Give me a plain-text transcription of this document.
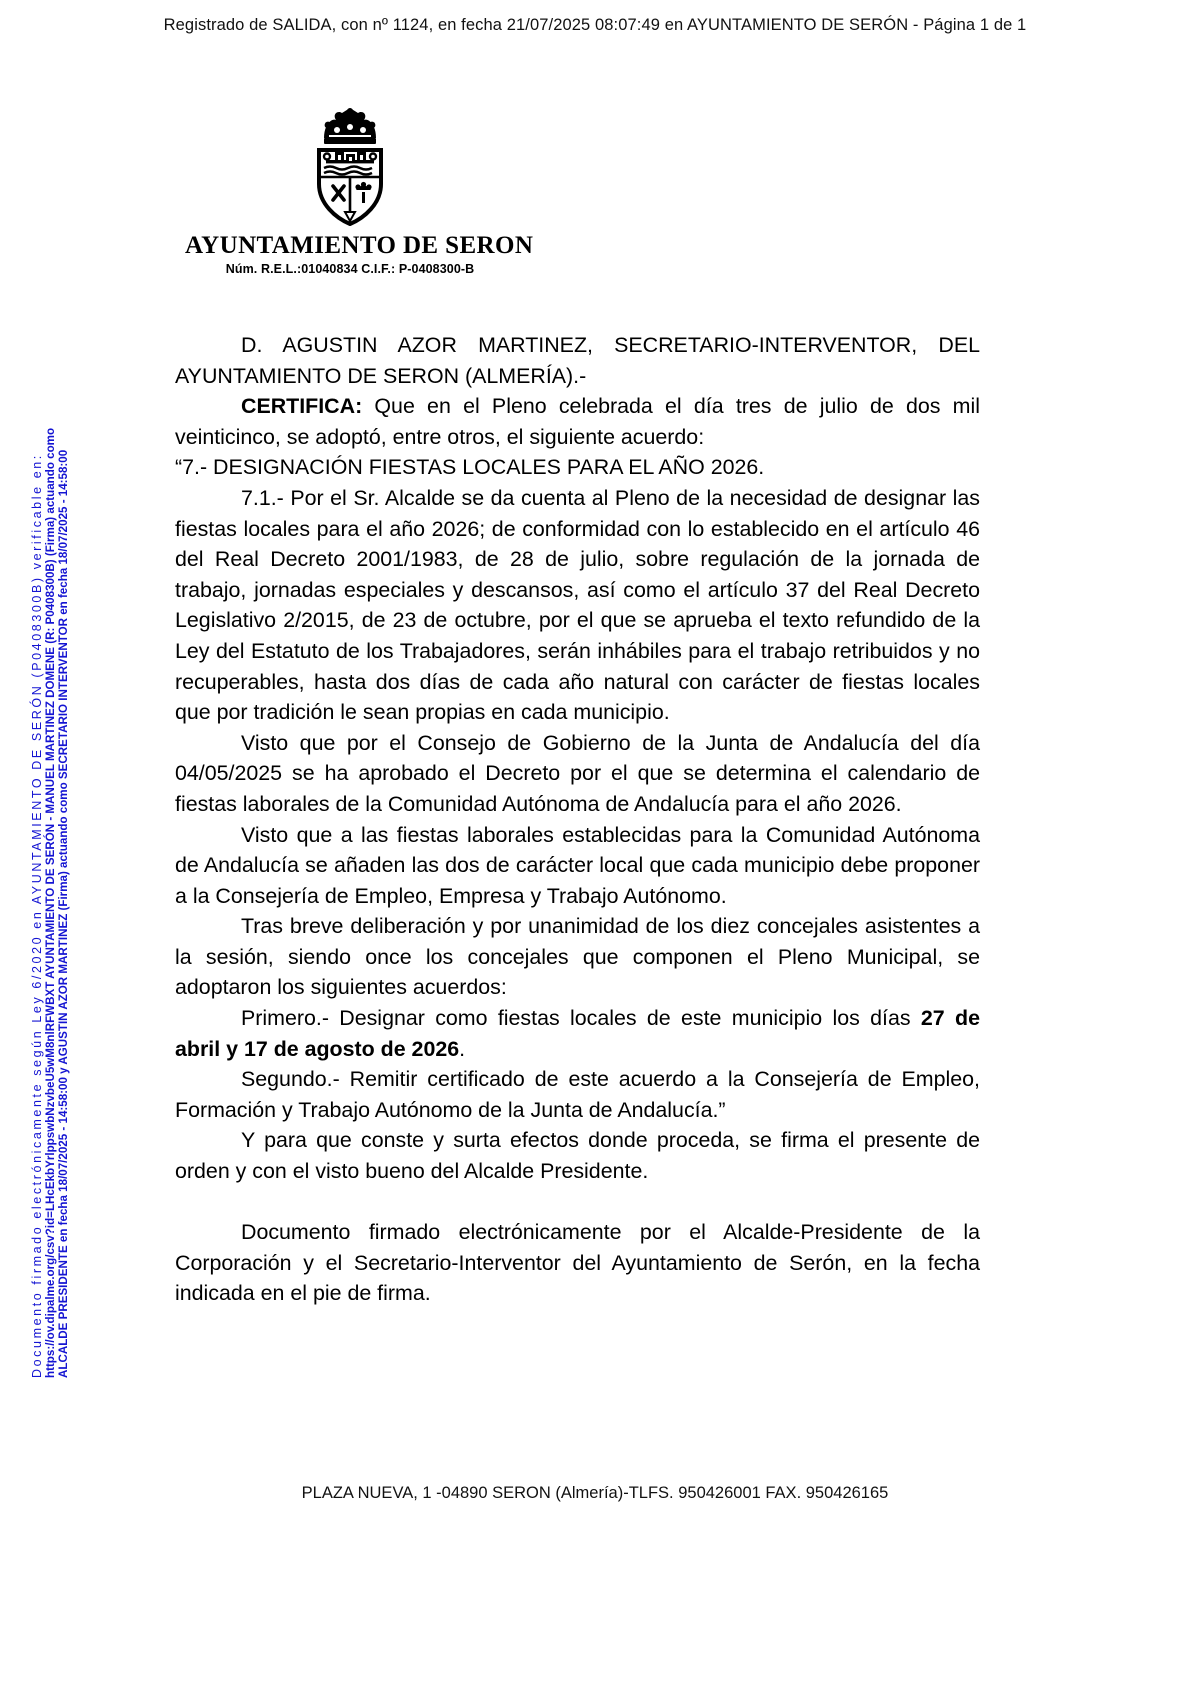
Registrado de SALIDA, con nº 1124, en fecha 21/07/2025 08:07:49 en AYUNTAMIENTO DE SERÓN - Página 1 de 1
Documento firmado electrónicamente según Ley 6/2020 en AYUNTAMIENTO DE SERÓN (P0408300B) verificable en: https://ov.dipalme.org/csv?id=LHcEkbYrlppswbNzvbeU5wM8nlRFWBXT AYUNTAMIENTO DE SERÓN - MANUEL MARTINEZ DOMENE (R: P0408300B) (Firma) actuando como ALCALDE PRESIDENTE en fecha 18/07/2025 - 14:58:00 y AGUSTIN AZOR MARTINEZ (Firma) actuando como SECRETARIO INTERVENTOR en fecha 18/07/2025 - 14:58:00
AYUNTAMIENTO DE SERON
Núm. R.E.L.:01040834 C.I.F.: P-0408300-B

D. AGUSTIN AZOR MARTINEZ, SECRETARIO-INTERVENTOR, DEL AYUNTAMIENTO DE SERON (ALMERÍA).-

CERTIFICA: Que en el Pleno celebrada el día tres de julio de dos mil veinticinco, se adoptó, entre otros, el siguiente acuerdo:

“7.- DESIGNACIÓN FIESTAS LOCALES PARA EL AÑO 2026.

7.1.- Por el Sr. Alcalde se da cuenta al Pleno de la necesidad de designar las fiestas locales para el año 2026; de conformidad con lo establecido en el artículo 46 del Real Decreto 2001/1983, de 28 de julio, sobre regulación de la jornada de trabajo, jornadas especiales y descansos, así como el artículo 37 del Real Decreto Legislativo 2/2015, de 23 de octubre, por el que se aprueba el texto refundido de la Ley del Estatuto de los Trabajadores, serán inhábiles para el trabajo retribuidos y no recuperables, hasta dos días de cada año natural con carácter de fiestas locales que por tradición le sean propias en cada municipio.

Visto que por el Consejo de Gobierno de la Junta de Andalucía del día 04/05/2025 se ha aprobado el Decreto por el que se determina el calendario de fiestas laborales de la Comunidad Autónoma de Andalucía para el año 2026.

Visto que a las fiestas laborales establecidas para la Comunidad Autónoma de Andalucía se añaden las dos de carácter local que cada municipio debe proponer a la Consejería de Empleo, Empresa y Trabajo Autónomo.

Tras breve deliberación y por unanimidad de los diez concejales asistentes a la sesión, siendo once los concejales que componen el Pleno Municipal, se adoptaron los siguientes acuerdos:

Primero.- Designar como fiestas locales de este municipio los días 27 de abril y 17 de agosto de 2026.

Segundo.- Remitir certificado de este acuerdo a la Consejería de Empleo, Formación y Trabajo Autónomo de la Junta de Andalucía.”

Y para que conste y surta efectos donde proceda, se firma el presente de orden y con el visto bueno del Alcalde Presidente.

Documento firmado electrónicamente por el Alcalde-Presidente de la Corporación y el Secretario-Interventor del Ayuntamiento de Serón, en la fecha indicada en el pie de firma.

PLAZA NUEVA, 1 -04890 SERON (Almería)-TLFS. 950426001 FAX. 950426165
